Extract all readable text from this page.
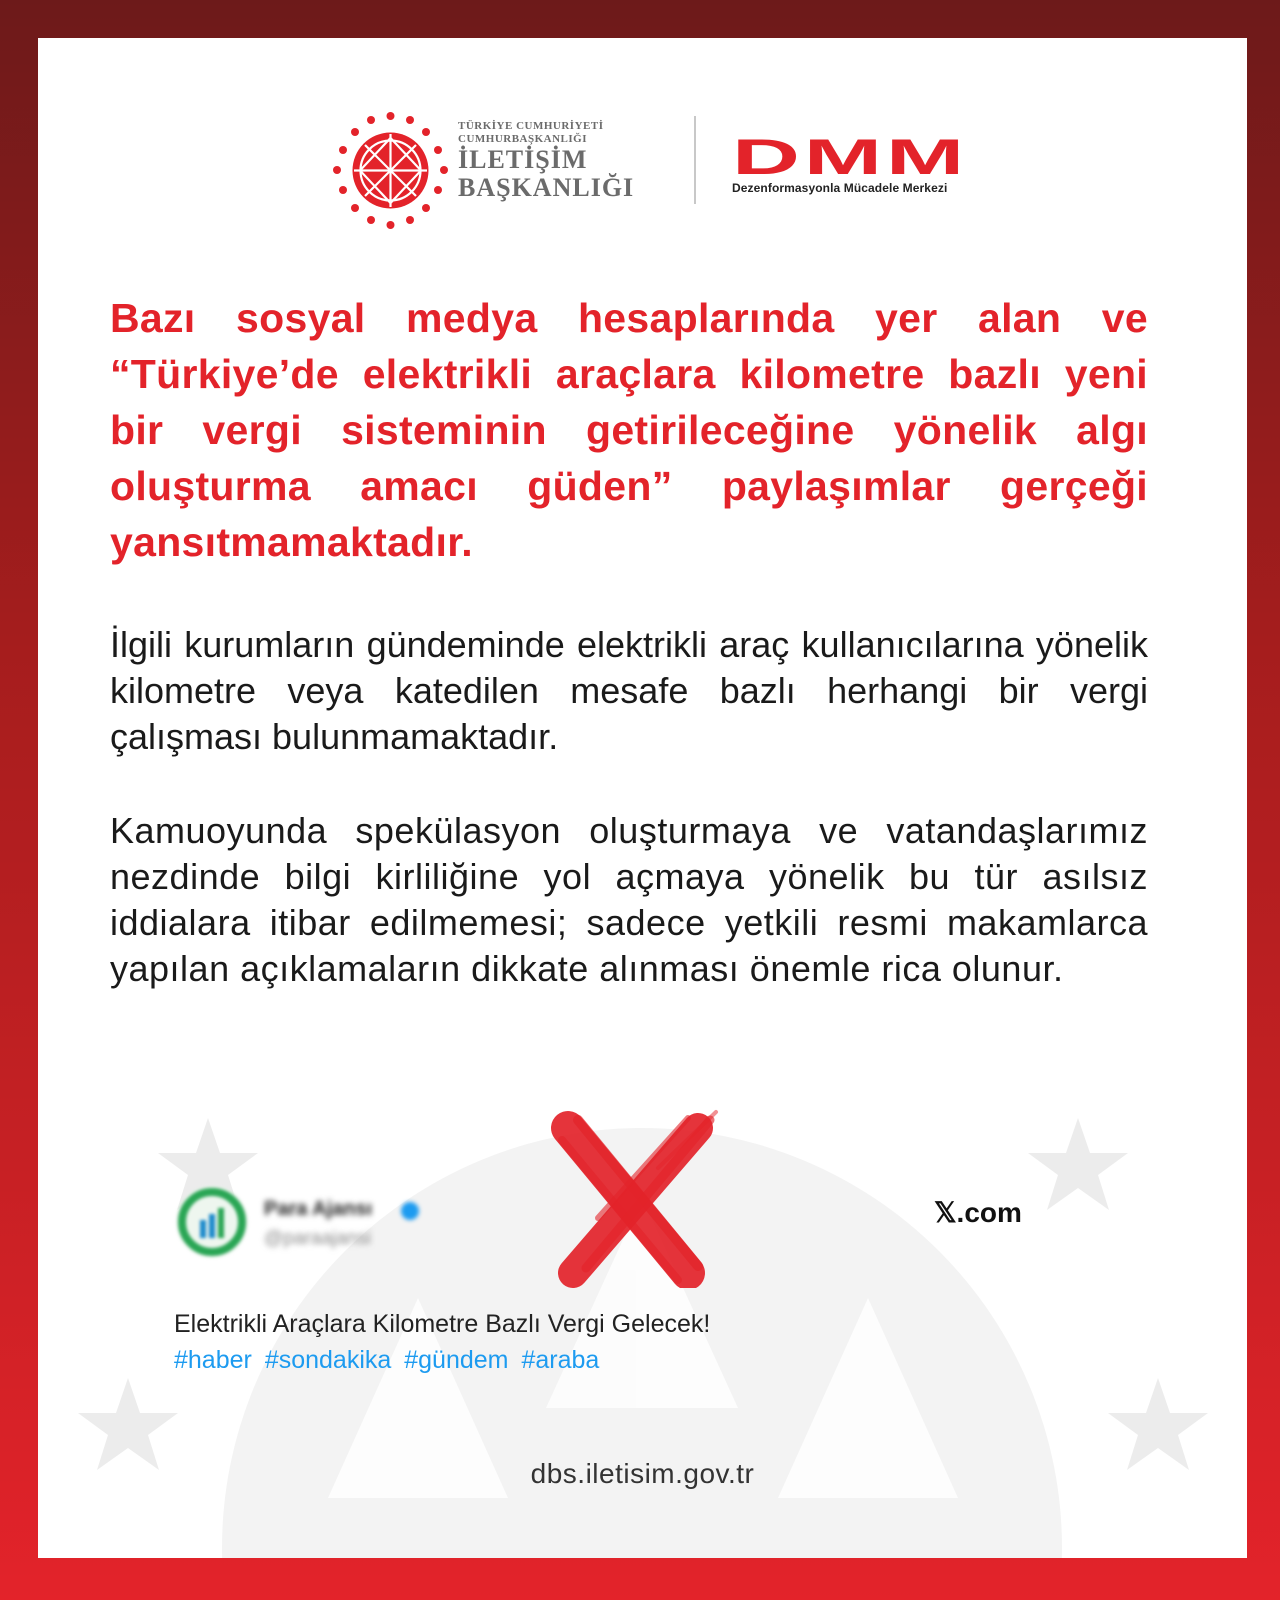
TÜRKİYE CUMHURİYETİ
CUMHURBAŞKANLIĞI
İLETİŞİM
BAŞKANLIĞI
DMM
Dezenformasyonla Mücadele Merkezi
Bazı sosyal medya hesaplarında yer alan ve “Türkiye’de elektrikli araçlara kilometre bazlı yeni bir vergi sisteminin getirileceğine yönelik algı oluşturma amacı güden” paylaşımlar gerçeği yansıtmamaktadır.
İlgili kurumların gündeminde elektrikli araç kullanıcılarına yönelik kilometre veya katedilen mesafe bazlı herhangi bir vergi çalışması bulunmamaktadır.
Kamuoyunda spekülasyon oluşturmaya ve vatandaşlarımız nezdinde bilgi kirliliğine yol açmaya yönelik bu tür asılsız iddialara itibar edilmemesi; sadece yetkili resmi makamlarca yapılan açıklamaların dikkate alınması önemle rica olunur.
Para Ajansı
@paraajansi
𝕏.com
Elektrikli Araçlara Kilometre Bazlı Vergi Gelecek!
#haber #sondakika #gündem #araba
dbs.iletisim.gov.tr
